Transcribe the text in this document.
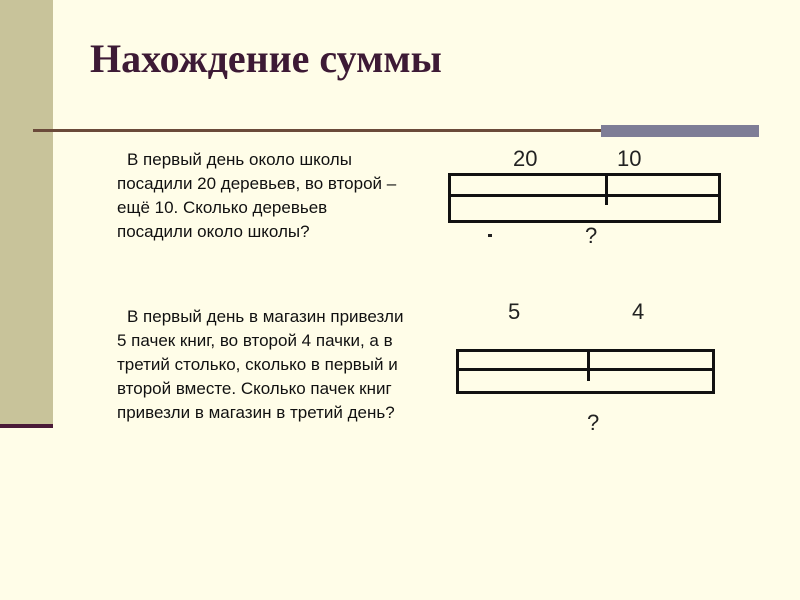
Нахождение суммы

В первый день около школы посадили 20 деревьев, во второй – ещё 10. Сколько деревьев посадили около школы?

В первый день в магазин привезли 5 пачек книг, во второй 4 пачки, а в третий столько, сколько в первый и второй вместе. Сколько пачек книг привезли в магазин в третий день?

20	10
?
5	4
?
